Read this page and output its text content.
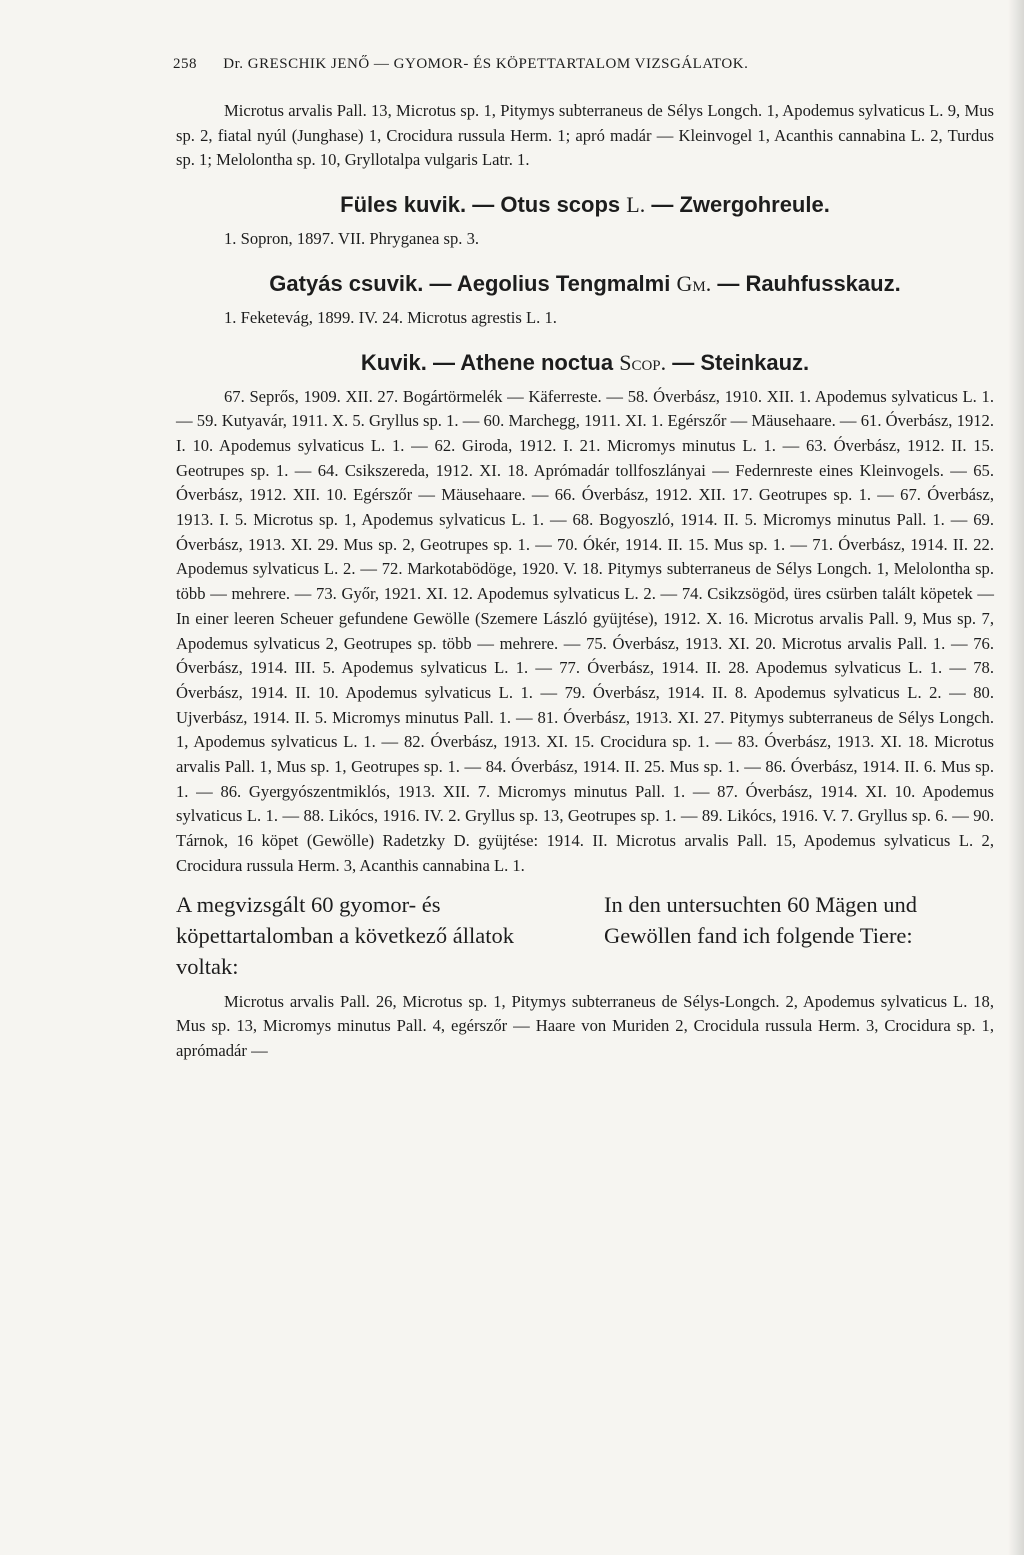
258 Dr. GRESCHIK JENŐ — GYOMOR- ÉS KÖPETTARTALOM VIZSGÁLATOK.

Microtus arvalis Pall. 13, Microtus sp. 1, Pitymys subterraneus de Sélys Longch. 1, Apodemus sylvaticus L. 9, Mus sp. 2, fiatal nyúl (Junghase) 1, Crocidura russula Herm. 1; apró madár — Kleinvogel 1, Acanthis cannabina L. 2, Turdus sp. 1; Melolontha sp. 10, Gryllotalpa vulgaris Latr. 1.

Füles kuvik. — Otus scops L. — Zwergohreule.

1. Sopron, 1897. VII. Phryganea sp. 3.

Gatyás csuvik. — Aegolius Tengmalmi Gm. — Rauhfusskauz.

1. Feketevág, 1899. IV. 24. Microtus agrestis L. 1.

Kuvik. — Athene noctua Scop. — Steinkauz.

67. Seprős, 1909. XII. 27. Bogártörmelék — Käferreste. — 58. Óverbász, 1910. XII. 1. Apodemus sylvaticus L. 1. — 59. Kutyavár, 1911. X. 5. Gryllus sp. 1. — 60. Marchegg, 1911. XI. 1. Egérszőr — Mäusehaare. — 61. Óverbász, 1912. I. 10. Apodemus sylvaticus L. 1. — 62. Giroda, 1912. I. 21. Micromys minutus L. 1. — 63. Óverbász, 1912. II. 15. Geotrupes sp. 1. — 64. Csikszereda, 1912. XI. 18. Aprómadár tollfoszlányai — Federnreste eines Kleinvogels. — 65. Óverbász, 1912. XII. 10. Egérszőr — Mäusehaare. — 66. Óverbász, 1912. XII. 17. Geotrupes sp. 1. — 67. Óverbász, 1913. I. 5. Microtus sp. 1, Apodemus sylvaticus L. 1. — 68. Bogyoszló, 1914. II. 5. Micromys minutus Pall. 1. — 69. Óverbász, 1913. XI. 29. Mus sp. 2, Geotrupes sp. 1. — 70. Ókér, 1914. II. 15. Mus sp. 1. — 71. Óverbász, 1914. II. 22. Apodemus sylvaticus L. 2. — 72. Markotabödöge, 1920. V. 18. Pitymys subterraneus de Sélys Longch. 1, Melolontha sp. több — mehrere. — 73. Győr, 1921. XI. 12. Apodemus sylvaticus L. 2. — 74. Csikzsögöd, üres csürben talált köpetek — In einer leeren Scheuer gefundene Gewölle (Szemere László gyüjtése), 1912. X. 16. Microtus arvalis Pall. 9, Mus sp. 7, Apodemus sylvaticus 2, Geotrupes sp. több — mehrere. — 75. Óverbász, 1913. XI. 20. Microtus arvalis Pall. 1. — 76. Óverbász, 1914. III. 5. Apodemus sylvaticus L. 1. — 77. Óverbász, 1914. II. 28. Apodemus sylvaticus L. 1. — 78. Óverbász, 1914. II. 10. Apodemus sylvaticus L. 1. — 79. Óverbász, 1914. II. 8. Apodemus sylvaticus L. 2. — 80. Ujverbász, 1914. II. 5. Micromys minutus Pall. 1. — 81. Óverbász, 1913. XI. 27. Pitymys subterraneus de Sélys Longch. 1, Apodemus sylvaticus L. 1. — 82. Óverbász, 1913. XI. 15. Crocidura sp. 1. — 83. Óverbász, 1913. XI. 18. Microtus arvalis Pall. 1, Mus sp. 1, Geotrupes sp. 1. — 84. Óverbász, 1914. II. 25. Mus sp. 1. — 86. Óverbász, 1914. II. 6. Mus sp. 1. — 86. Gyergyószentmiklós, 1913. XII. 7. Micromys minutus Pall. 1. — 87. Óverbász, 1914. XI. 10. Apodemus sylvaticus L. 1. — 88. Likócs, 1916. IV. 2. Gryllus sp. 13, Geotrupes sp. 1. — 89. Likócs, 1916. V. 7. Gryllus sp. 6. — 90. Tárnok, 16 köpet (Gewölle) Radetzky D. gyüjtése: 1914. II. Microtus arvalis Pall. 15, Apodemus sylvaticus L. 2, Crocidura russula Herm. 3, Acanthis cannabina L. 1.

A megvizsgált 60 gyomor- és köpettartalomban a következő állatok voltak:

In den untersuchten 60 Mägen und Gewöllen fand ich folgende Tiere:

Microtus arvalis Pall. 26, Microtus sp. 1, Pitymys subterraneus de Sélys-Longch. 2, Apodemus sylvaticus L. 18, Mus sp. 13, Micromys minutus Pall. 4, egérszőr — Haare von Muriden 2, Crocidula russula Herm. 3, Crocidura sp. 1, aprómadár —
